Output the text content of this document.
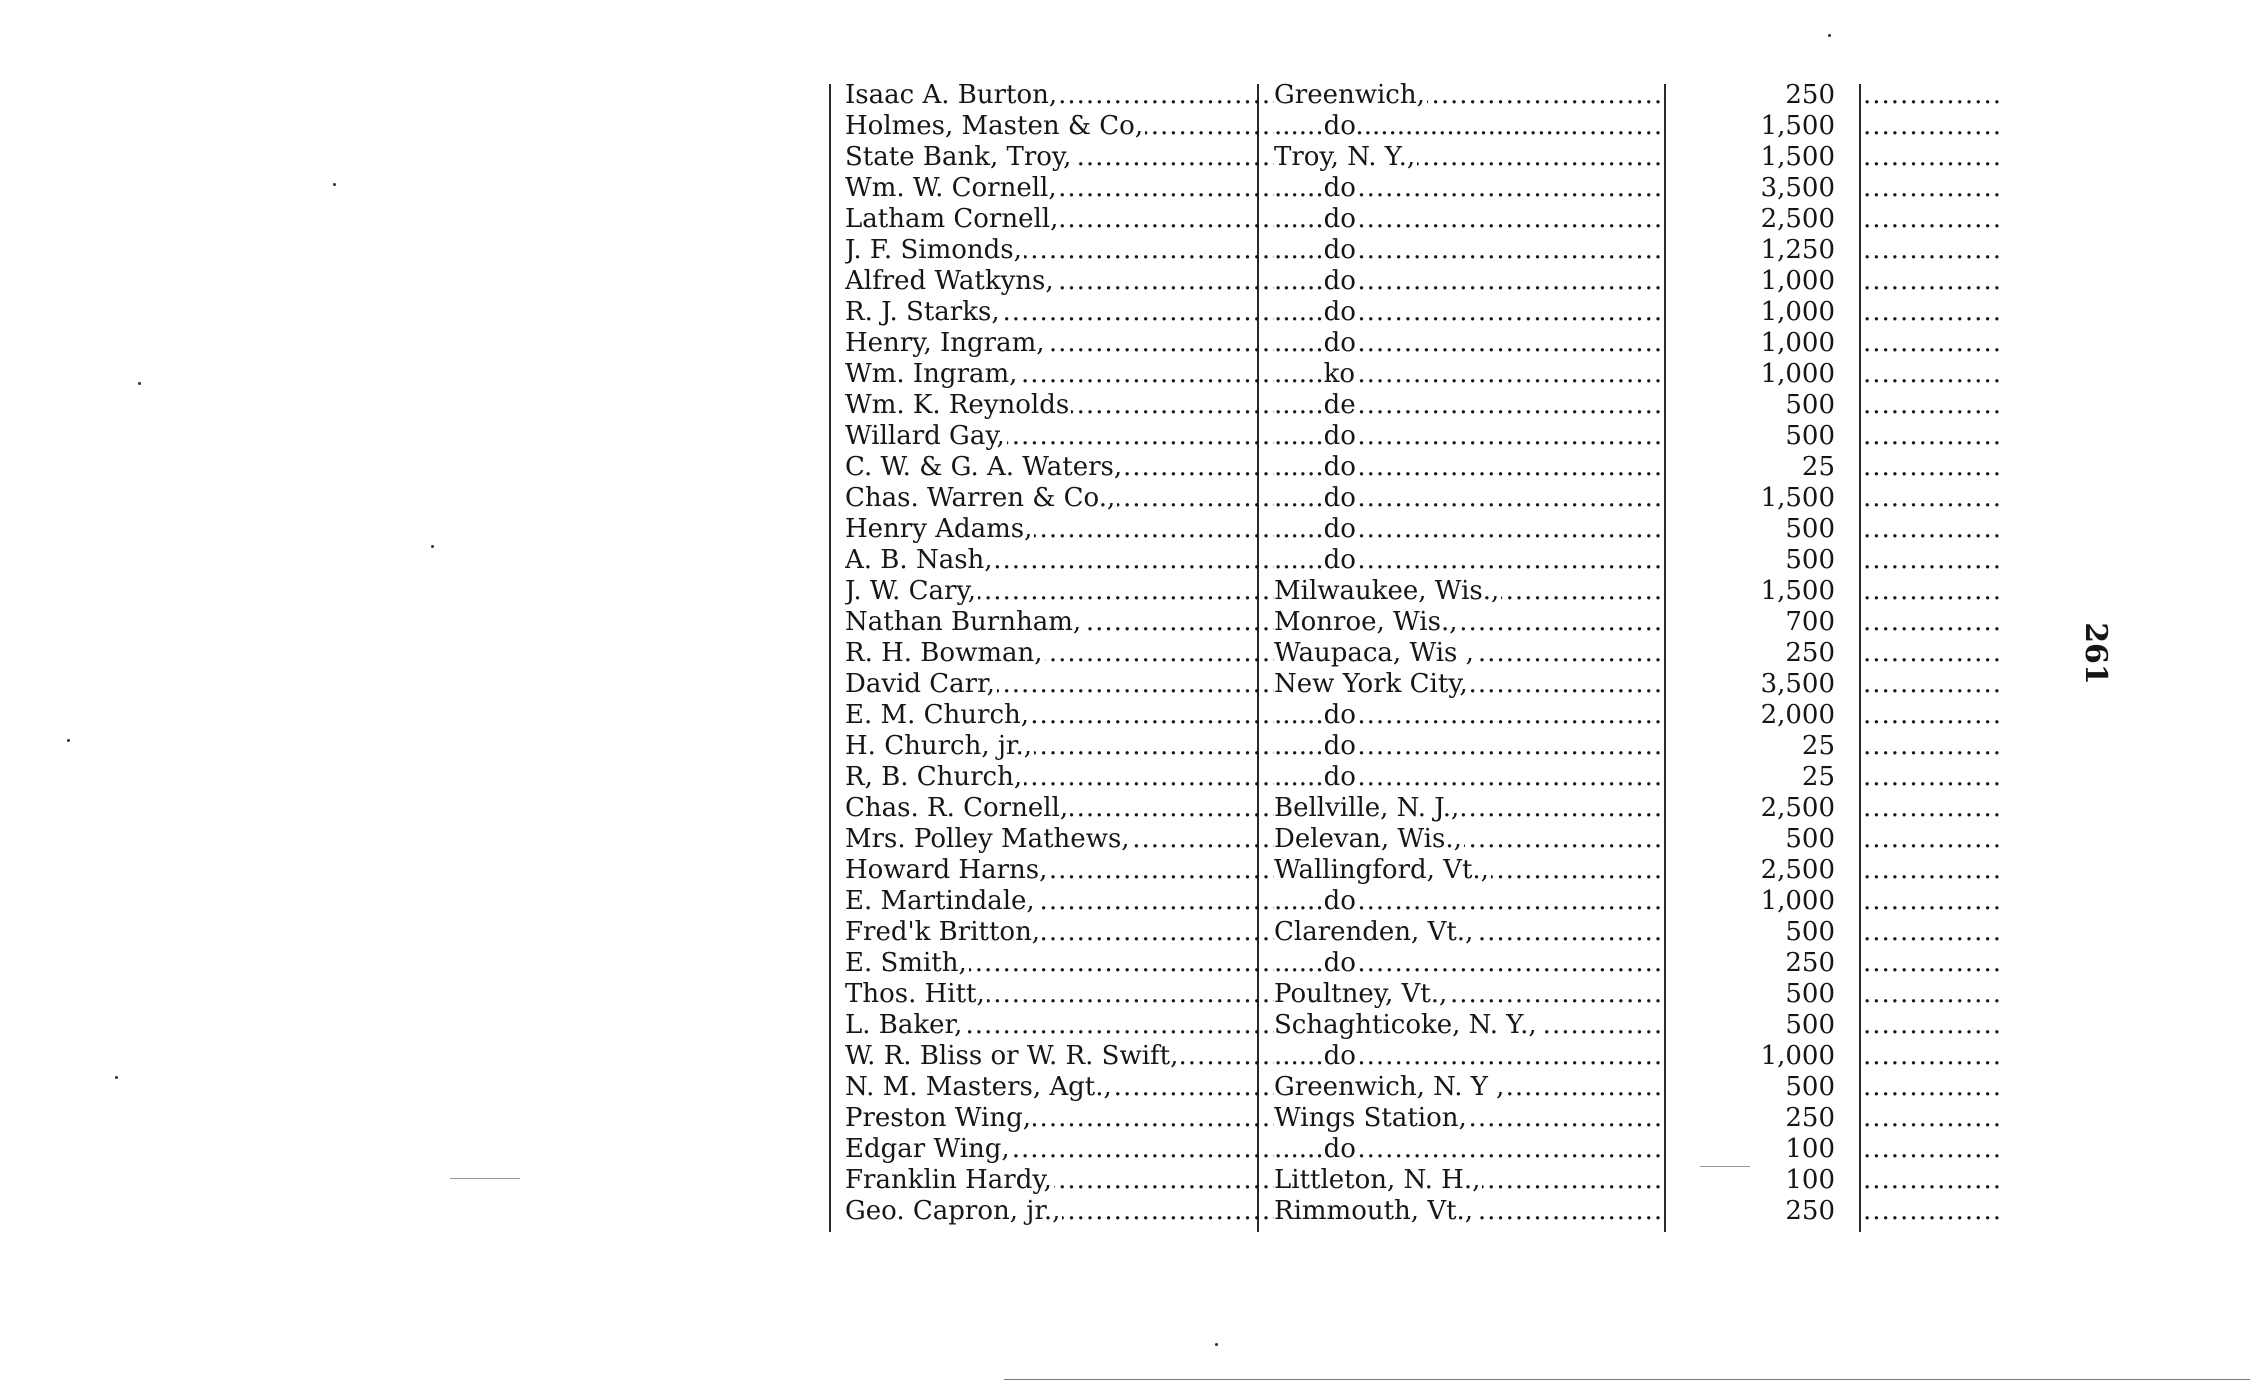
Isaac A. Burton, .....	Greenwich, .....	250 ...............
Holmes, Masten & Co, .....	......do........................... .....	1,500 ...............
State Bank, Troy, .....	Troy, N. Y., .....	1,500 ...............
Wm. W. Cornell, .....	......do .....	3,500 ...............
Latham Cornell, .....	......do .....	2,500 ...............
J. F. Simonds, .....	......do .....	1,250 ...............
Alfred Watkyns, .....	......do .....	1,000 ...............
R. J. Starks, .....	......do .....	1,000 ...............
Henry, Ingram, .....	......do .....	1,000 ...............
Wm. Ingram, .....	......ko .....	1,000 ...............
Wm. K. Reynolds .....	......de .....	500 ...............
Willard Gay, .....	......do .....	500 ...............
C. W. & G. A. Waters, .....	......do .....	25 ...............
Chas. Warren & Co., .....	......do .....	1,500 ...............
Henry Adams, .....	......do .....	500 ...............
A. B. Nash, .....	......do .....	500 ...............
J. W. Cary, .....	Milwaukee, Wis., .....	1,500 ...............
Nathan Burnham, .....	Monroe, Wis., .....	700 ...............
R. H. Bowman, .....	Waupaca, Wis , .....	250 ...............
David Carr, .....	New York City, .....	3,500 ...............
E. M. Church, .....	......do .....	2,000 ...............
H. Church, jr., .....	......do .....	25 ...............
R, B. Church, .....	......do .....	25 ...............
Chas. R. Cornell, .....	Bellville, N. J., .....	2,500 ...............
Mrs. Polley Mathews, .....	Delevan, Wis., .....	500 ...............
Howard Harns, .....	Wallingford, Vt., .....	2,500 ...............
E. Martindale, .....	......do .....	1,000 ...............
Fred'k Britton, .....	Clarenden, Vt., .....	500 ...............
E. Smith, .....	......do .....	250 ...............
Thos. Hitt, .....	Poultney, Vt., .....	500 ...............
L. Baker, .....	Schaghticoke, N. Y., .....	500 ...............
W. R. Bliss or W. R. Swift, .....	......do .....	1,000 ...............
N. M. Masters, Agt., .....	Greenwich, N. Y , .....	500 ...............
Preston Wing, .....	Wings Station, .....	250 ...............
Edgar Wing, .....	......do .....	100 ...............
Franklin Hardy, .....	Littleton, N. H., .....	100 ...............
Geo. Capron, jr., .....	Rimmouth, Vt., .....	250 ...............
261
